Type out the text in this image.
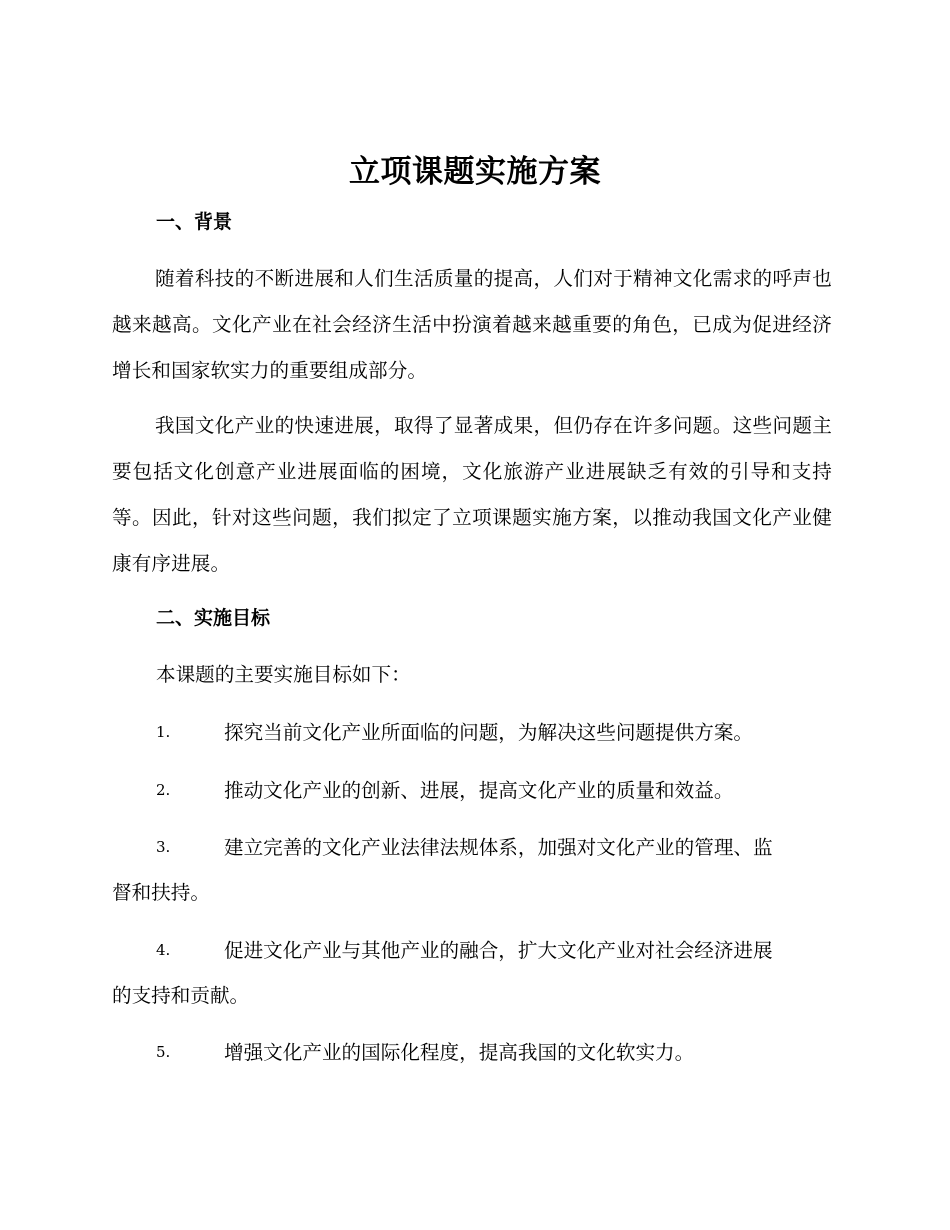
立项课题实施方案
一、背景
随着科技的不断进展和人们生活质量的提高，人们对于精神文化需求的呼声也越来越高。文化产业在社会经济生活中扮演着越来越重要的角色，已成为促进经济增长和国家软实力的重要组成部分。
我国文化产业的快速进展，取得了显著成果，但仍存在许多问题。这些问题主要包括文化创意产业进展面临的困境，文化旅游产业进展缺乏有效的引导和支持等。因此，针对这些问题，我们拟定了立项课题实施方案，以推动我国文化产业健康有序进展。
二、实施目标
本课题的主要实施目标如下：
1.	探究当前文化产业所面临的问题，为解决这些问题提供方案。
2.	推动文化产业的创新、进展，提高文化产业的质量和效益。
3.	建立完善的文化产业法律法规体系，加强对文化产业的管理、监
督和扶持。
4.	促进文化产业与其他产业的融合，扩大文化产业对社会经济进展
的支持和贡献。
5.	增强文化产业的国际化程度，提高我国的文化软实力。
